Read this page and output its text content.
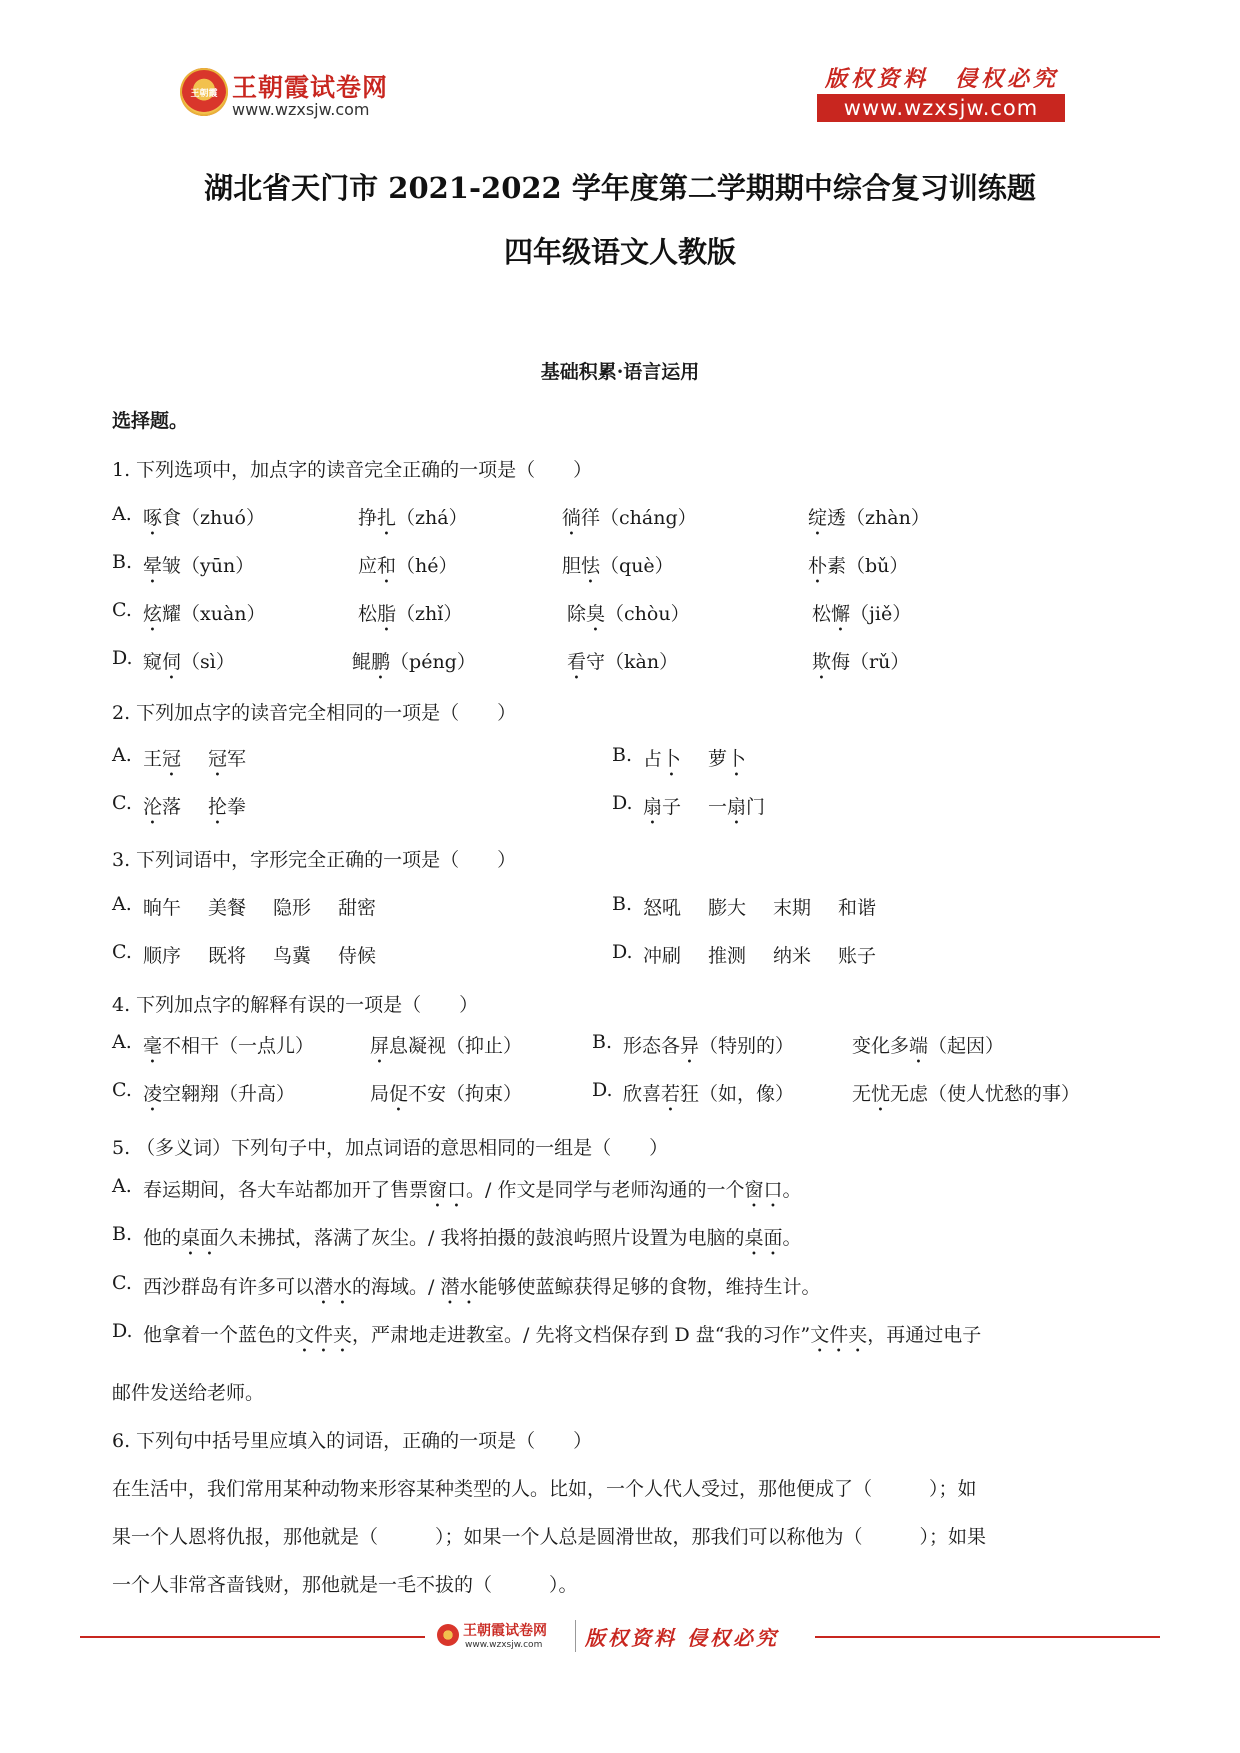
王朝霞 王朝霞试卷网
www.wzxsjw.com
版权资料　侵权必究
www.wzxsjw.com
湖北省天门市 2021-2022 学年度第二学期期中综合复习训练题
四年级语文人教版
基础积累·语言运用
选择题。
1. 下列选项中，加点字的读音完全正确的一项是（　　）
A. 啄食（zhuó）	挣扎（zhá）	徜徉（cháng）	绽透（zhàn）
B. 晕皱（yūn）	应和（hé）	胆怯（què）	朴素（bǔ）
C. 炫耀（xuàn）	松脂（zhǐ）	除臭（chòu）	松懈（jiě）
D. 窥伺（sì）	鲲鹏（péng）	看守（kàn）	欺侮（rǔ）
2. 下列加点字的读音完全相同的一项是（　　）
A. 王冠 冠军	B. 占卜 萝卜
C. 沦落 抡拳	D. 扇子 一扇门
3. 下列词语中，字形完全正确的一项是（　　）
A. 晌午 美餐 隐形 甜密	B. 怒吼 膨大 末期 和谐
C. 顺序 既将 鸟冀 侍候	D. 冲刷 推测 纳米 账子
4. 下列加点字的解释有误的一项是（　　）
A. 毫不相干（一点儿）	屏息凝视（抑止）	B. 形态各异（特别的）	变化多端（起因）
C. 凌空翱翔（升高）	局促不安（拘束）	D. 欣喜若狂（如，像）	无忧无虑（使人忧愁的事）
5. （多义词）下列句子中，加点词语的意思相同的一组是（　　）
A. 春运期间，各大车站都加开了售票窗口。/ 作文是同学与老师沟通的一个窗口。
B. 他的桌面久未拂拭，落满了灰尘。/ 我将拍摄的鼓浪屿照片设置为电脑的桌面。
C. 西沙群岛有许多可以潜水的海域。/ 潜水能够使蓝鲸获得足够的食物，维持生计。
D. 他拿着一个蓝色的文件夹，严肃地走进教室。/ 先将文档保存到 D 盘“我的习作”文件夹，再通过电子
邮件发送给老师。
6. 下列句中括号里应填入的词语，正确的一项是（　　）
在生活中，我们常用某种动物来形容某种类型的人。比如，一个人代人受过，那他便成了（　　　）；如
果一个人恩将仇报，那他就是（　　　）；如果一个人总是圆滑世故，那我们可以称他为（　　　）；如果
一个人非常吝啬钱财，那他就是一毛不拔的（　　　）。
王朝霞试卷网
www.wzxsjw.com 版权资料 侵权必究
